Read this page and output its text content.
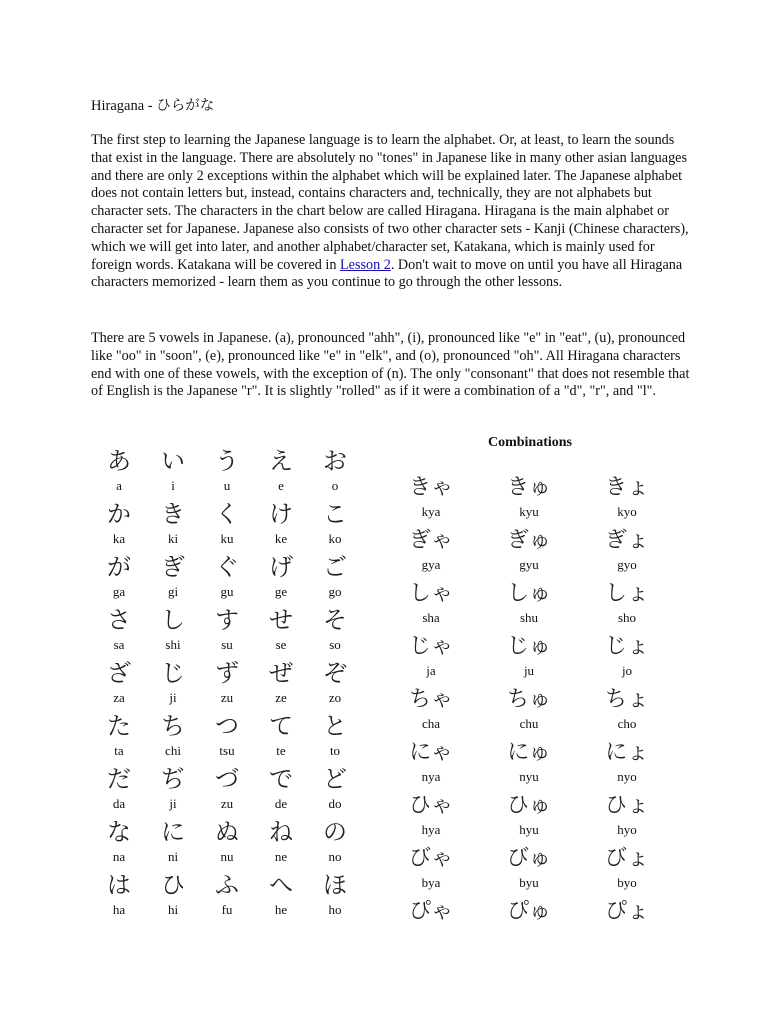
Hiragana - ひらがな
The first step to learning the Japanese language is to learn the alphabet. Or, at least, to learn the sounds that exist in the language. There are absolutely no "tones" in Japanese like in many other asian languages and there are only 2 exceptions within the alphabet which will be explained later. The Japanese alphabet does not contain letters but, instead, contains characters and, technically, they are not alphabets but character sets. The characters in the chart below are called Hiragana. Hiragana is the main alphabet or character set for Japanese. Japanese also consists of two other character sets - Kanji (Chinese characters), which we will get into later, and another alphabet/character set, Katakana, which is mainly used for foreign words. Katakana will be covered in Lesson 2. Don't wait to move on until you have all Hiragana characters memorized - learn them as you continue to go through the other lessons.
There are 5 vowels in Japanese. (a), pronounced "ahh", (i), pronounced like "e" in "eat", (u), pronounced like "oo" in "soon", (e), pronounced like "e" in "elk", and (o), pronounced "oh". All Hiragana characters end with one of these vowels, with the exception of (n). The only "consonant" that does not resemble that of English is the Japanese "r". It is slightly "rolled" as if it were a combination of a "d", "r", and "l".
あ
a
い
i
う
u
え
e
お
o
か
ka
き
ki
く
ku
け
ke
こ
ko
が
ga
ぎ
gi
ぐ
gu
げ
ge
ご
go
さ
sa
し
shi
す
su
せ
se
そ
so
ざ
za
じ
ji
ず
zu
ぜ
ze
ぞ
zo
た
ta
ち
chi
つ
tsu
て
te
と
to
だ
da
ぢ
ji
づ
zu
で
de
ど
do
な
na
に
ni
ぬ
nu
ね
ne
の
no
は
ha
ひ
hi
ふ
fu
へ
he
ほ
ho
Combinations
きゃ
kya
きゅ
kyu
きょ
kyo
ぎゃ
gya
ぎゅ
gyu
ぎょ
gyo
しゃ
sha
しゅ
shu
しょ
sho
じゃ
ja
じゅ
ju
じょ
jo
ちゃ
cha
ちゅ
chu
ちょ
cho
にゃ
nya
にゅ
nyu
にょ
nyo
ひゃ
hya
ひゅ
hyu
ひょ
hyo
びゃ
bya
びゅ
byu
びょ
byo
ぴゃ	ぴゅ	ぴょ
